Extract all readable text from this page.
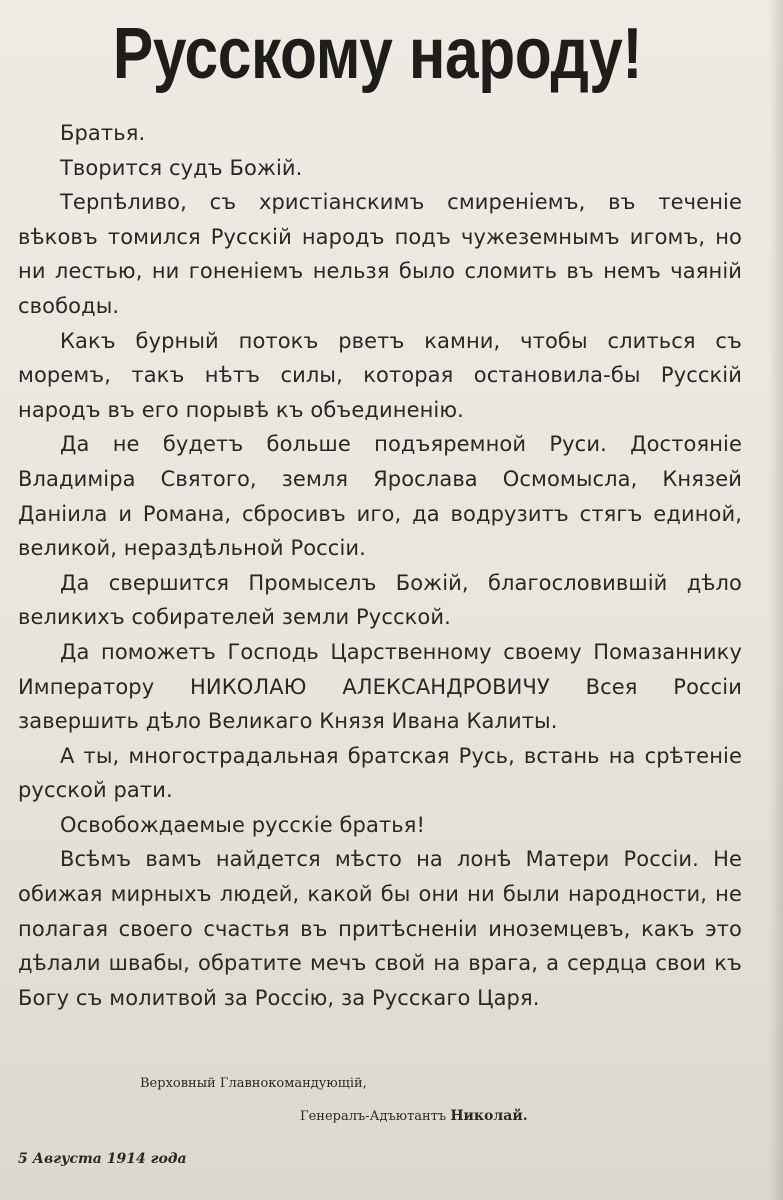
Русскому народу!

Братья.

Творится судъ Божій.

Терпѣливо, съ христіанскимъ смиреніемъ, въ теченіе вѣковъ томился Русскій народъ подъ чужеземнымъ игомъ, но ни лестью, ни гоненіемъ нельзя было сломить въ немъ чаяній свободы.

Какъ бурный потокъ рветъ камни, чтобы слиться съ моремъ, такъ нѣтъ силы, которая остановила-бы Русскій народъ въ его порывѣ къ объединенію.

Да не будетъ больше подъяремной Руси. Достояніе Владиміра Святого, земля Ярослава Осмомысла, Князей Даніила и Романа, сбросивъ иго, да водрузитъ стягъ единой, великой, нераздѣльной Россіи.

Да свершится Промыселъ Божій, благословившій дѣло великихъ собирателей земли Русской.

Да поможетъ Господь Царственному своему Помазаннику Императору НИКОЛАЮ АЛЕКСАНДРОВИЧУ Всея Россіи завершить дѣло Великаго Князя Ивана Калиты.

А ты, многострадальная братская Русь, встань на срѣтеніе русской рати.

Освобождаемые русскіе братья!

Всѣмъ вамъ найдется мѣсто на лонѣ Матери Россіи. Не обижая мирныхъ людей, какой бы они ни были народности, не полагая своего счастья въ притѣсненіи иноземцевъ, какъ это дѣлали швабы, обратите мечъ свой на врага, а сердца свои къ Богу съ молитвой за Россію, за Русскаго Царя.

Верховный Главнокомандующій,
Генералъ-Адъютантъ Николай.
5 Августа 1914 года
